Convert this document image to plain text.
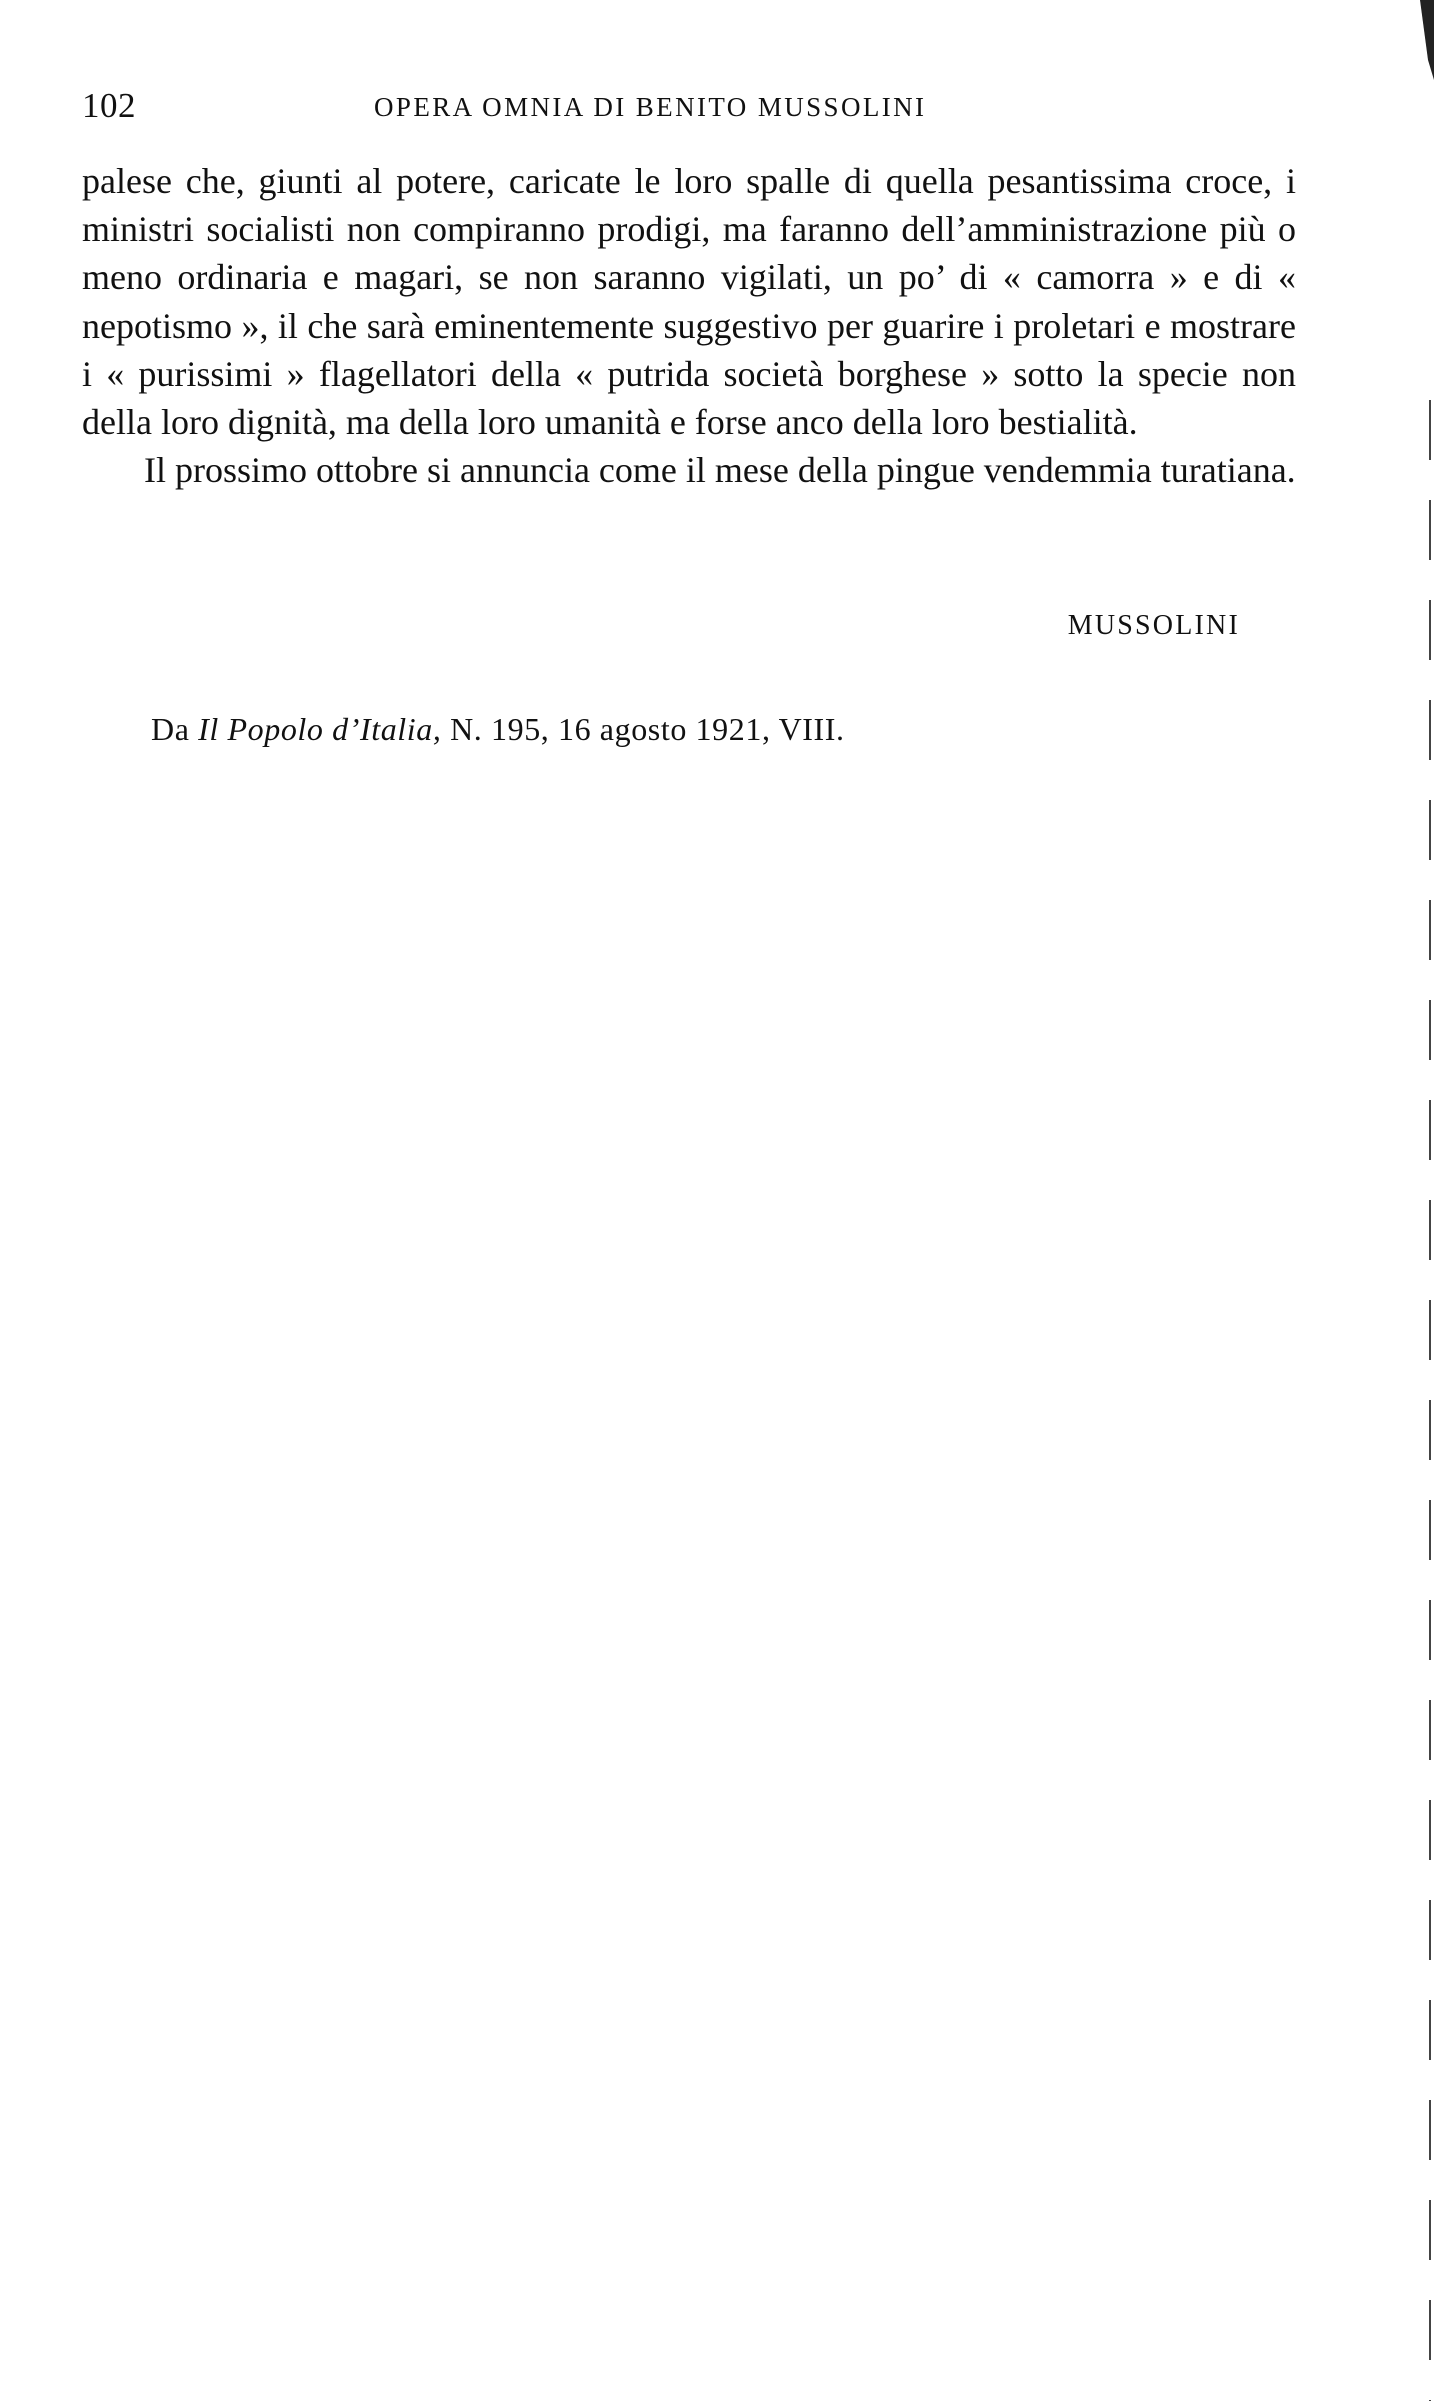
102	OPERA OMNIA DI BENITO MUSSOLINI

palese che, giunti al potere, caricate le loro spalle di quella pesantissima croce, i ministri socialisti non compiranno prodigi, ma faranno dell’amministrazione più o meno ordinaria e magari, se non saranno vigilati, un po’ di « camorra » e di « nepotismo », il che sarà eminentemente suggestivo per guarire i proletari e mostrare i « purissimi » flagellatori della « putrida società borghese » sotto la specie non della loro dignità, ma della loro umanità e forse anco della loro bestialità.

Il prossimo ottobre si annuncia come il mese della pingue vendemmia turatiana.

MUSSOLINI
Da Il Popolo d’Italia, N. 195, 16 agosto 1921, VIII.
